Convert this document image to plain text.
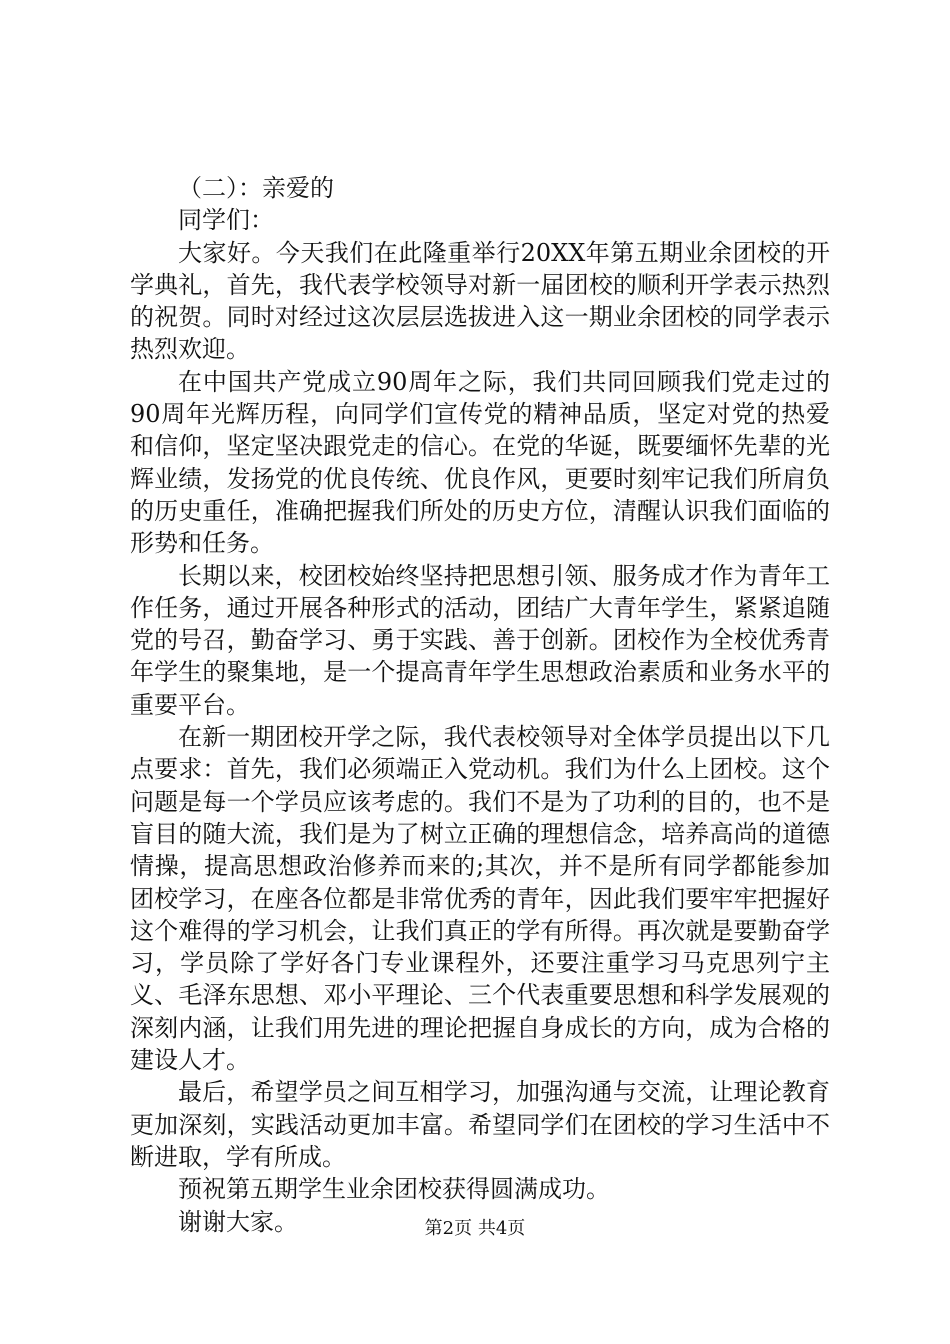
（二）：亲爱的

同学们：

大家好。今天我们在此隆重举行20XX年第五期业余团校的开学典礼，首先，我代表学校领导对新一届团校的顺利开学表示热烈的祝贺。同时对经过这次层层选拔进入这一期业余团校的同学表示热烈欢迎。

在中国共产党成立90周年之际，我们共同回顾我们党走过的90周年光辉历程，向同学们宣传党的精神品质，坚定对党的热爱和信仰，坚定坚决跟党走的信心。在党的华诞，既要缅怀先辈的光辉业绩，发扬党的优良传统、优良作风，更要时刻牢记我们所肩负的历史重任，准确把握我们所处的历史方位，清醒认识我们面临的形势和任务。

长期以来，校团校始终坚持把思想引领、服务成才作为青年工作任务，通过开展各种形式的活动，团结广大青年学生，紧紧追随党的号召，勤奋学习、勇于实践、善于创新。团校作为全校优秀青年学生的聚集地，是一个提高青年学生思想政治素质和业务水平的重要平台。

在新一期团校开学之际，我代表校领导对全体学员提出以下几点要求：首先，我们必须端正入党动机。我们为什么上团校。这个问题是每一个学员应该考虑的。我们不是为了功利的目的，也不是盲目的随大流，我们是为了树立正确的理想信念，培养高尚的道德情操，提高思想政治修养而来的;其次，并不是所有同学都能参加团校学习，在座各位都是非常优秀的青年，因此我们要牢牢把握好这个难得的学习机会，让我们真正的学有所得。再次就是要勤奋学习，学员除了学好各门专业课程外，还要注重学习马克思列宁主义、毛泽东思想、邓小平理论、三个代表重要思想和科学发展观的深刻内涵，让我们用先进的理论把握自身成长的方向，成为合格的建设人才。

最后，希望学员之间互相学习，加强沟通与交流，让理论教育更加深刻，实践活动更加丰富。希望同学们在团校的学习生活中不断进取，学有所成。

预祝第五期学生业余团校获得圆满成功。

谢谢大家。	第2页 共4页
